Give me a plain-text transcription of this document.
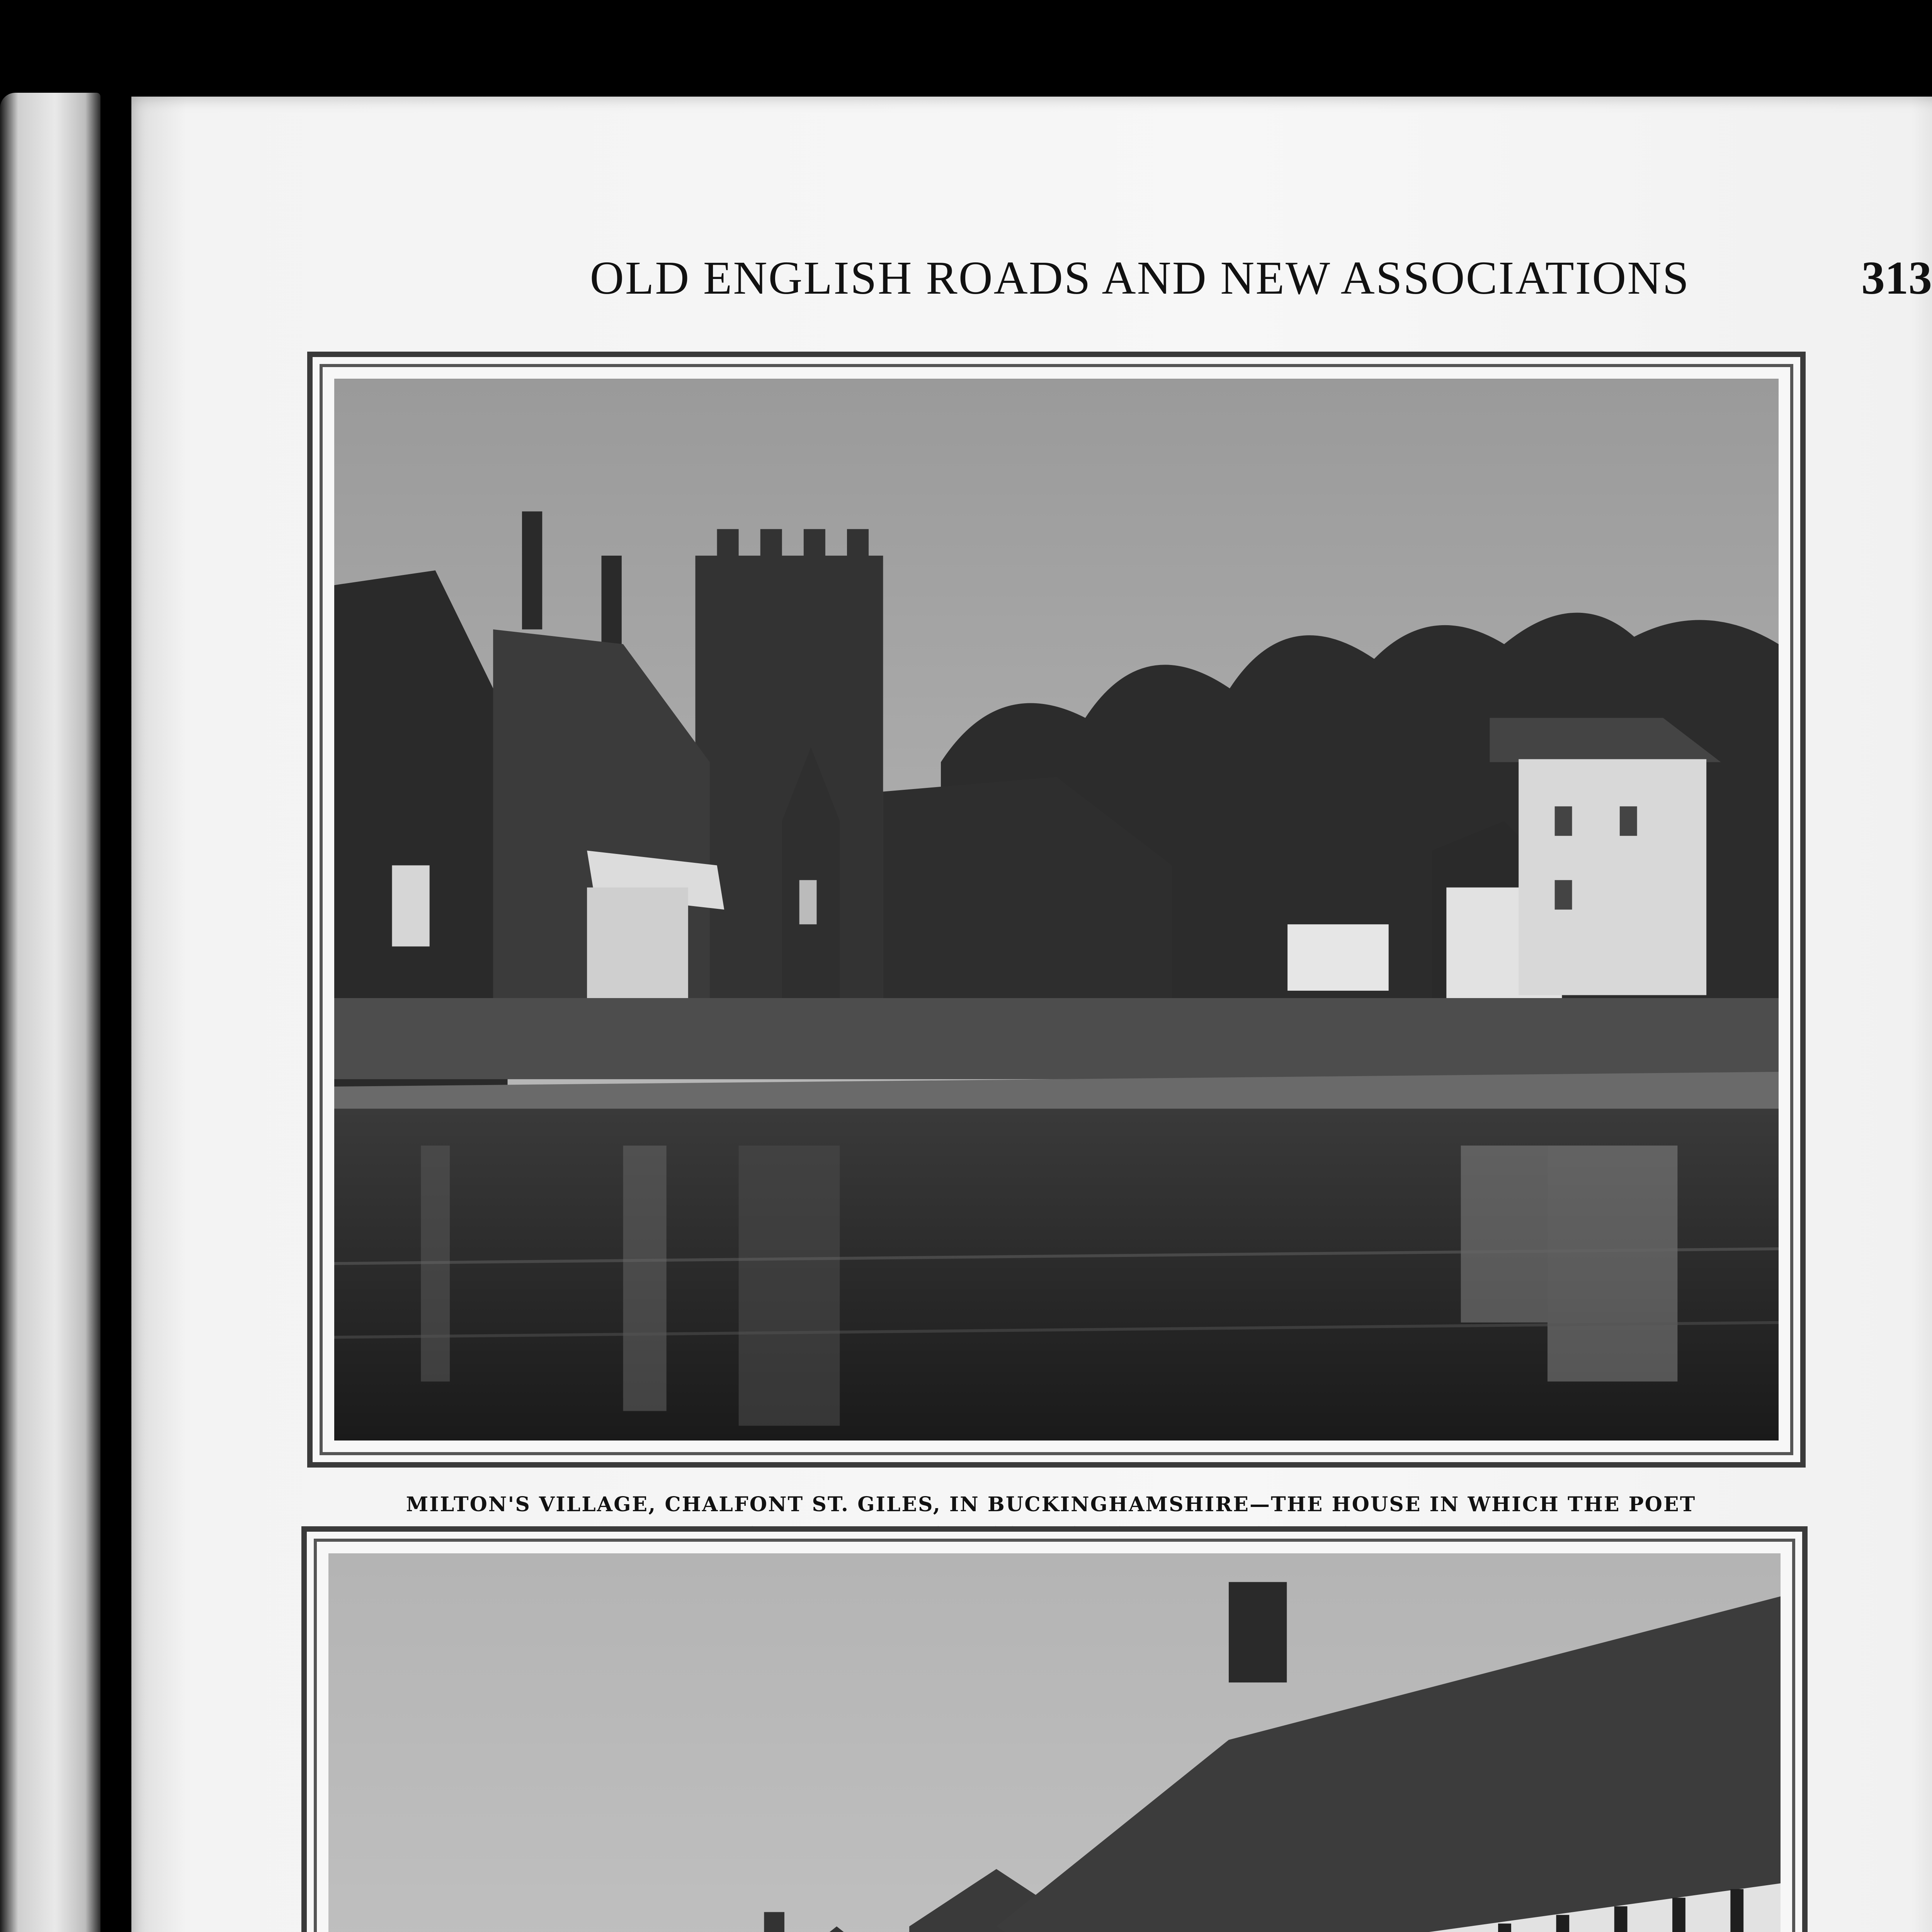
OLD ENGLISH ROADS AND NEW ASSOCIATIONS	313
MILTON'S VILLAGE, CHALFONT ST. GILES, IN BUCKINGHAMSHIRE—THE HOUSE IN WHICH THE POET
